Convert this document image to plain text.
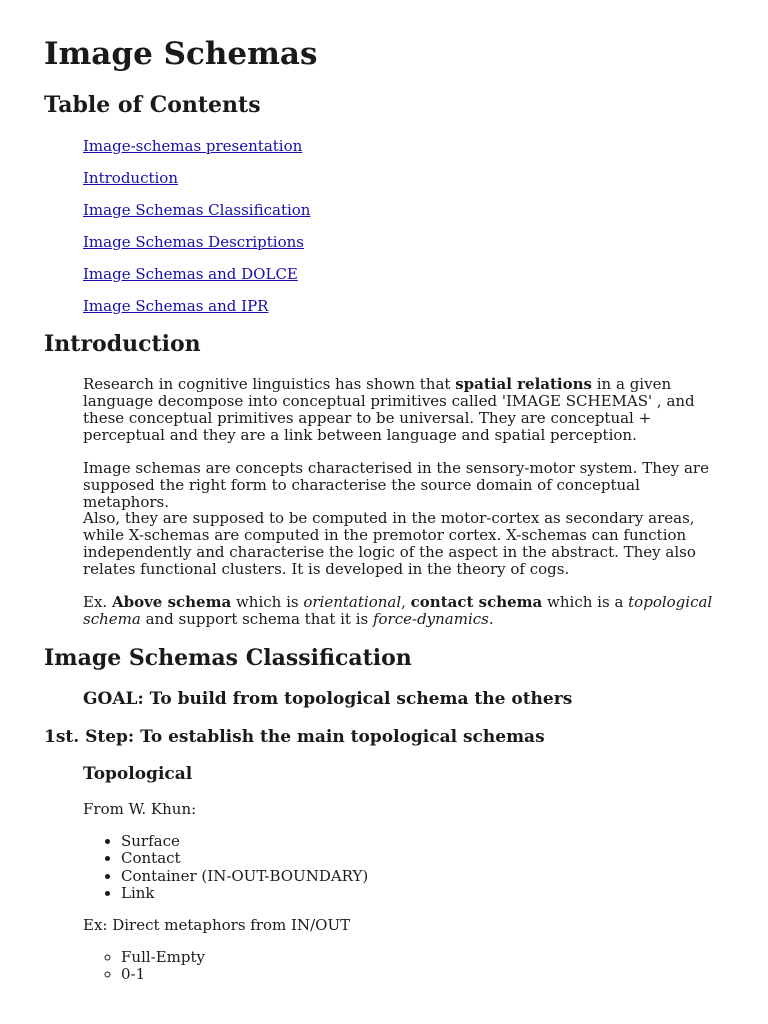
Image Schemas
Table of Contents
Image-schemas presentation
Introduction
Image Schemas Classification
Image Schemas Descriptions
Image Schemas and DOLCE
Image Schemas and IPR
Introduction

Research in cognitive linguistics has shown that spatial relations in a given language decompose into conceptual primitives called 'IMAGE SCHEMAS' , and these conceptual primitives appear to be universal. They are conceptual + perceptual and they are a link between language and spatial perception.

Image schemas are concepts characterised in the sensory-motor system. They are supposed the right form to characterise the source domain of conceptual metaphors.

Also, they are supposed to be computed in the motor-cortex as secondary areas, while X-schemas are computed in the premotor cortex. X-schemas can function independently and characterise the logic of the aspect in the abstract. They also relates functional clusters. It is developed in the theory of cogs.

Ex. Above schema which is orientational, contact schema which is a topological schema and support schema that it is force-dynamics.

Image Schemas Classification
GOAL: To build from topological schema the others
1st. Step: To establish the main topological schemas
Topological

From W. Khun:

• Surface
• Contact
• Container (IN-OUT-BOUNDARY)
• Link

Ex: Direct metaphors from IN/OUT

◦ Full-Empty
◦ 0-1
